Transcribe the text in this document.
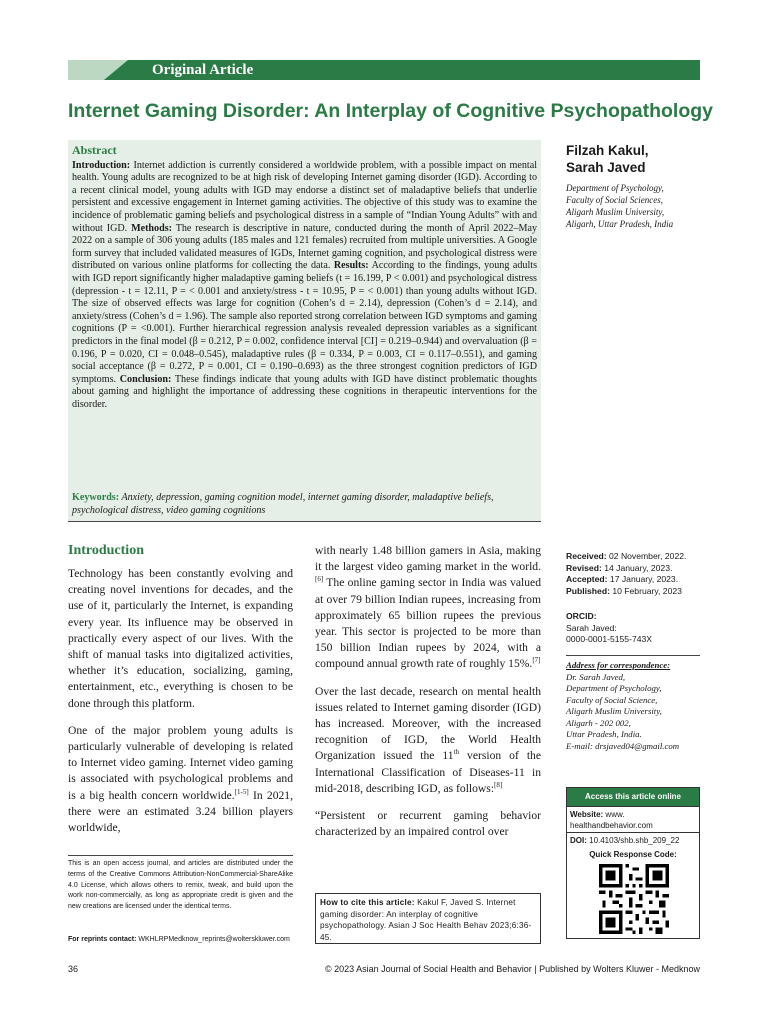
Original Article
Internet Gaming Disorder: An Interplay of Cognitive Psychopathology
Abstract
Introduction: Internet addiction is currently considered a worldwide problem, with a possible impact on mental health. Young adults are recognized to be at high risk of developing Internet gaming disorder (IGD). According to a recent clinical model, young adults with IGD may endorse a distinct set of maladaptive beliefs that underlie persistent and excessive engagement in Internet gaming activities. The objective of this study was to examine the incidence of problematic gaming beliefs and psychological distress in a sample of “Indian Young Adults” with and without IGD. Methods: The research is descriptive in nature, conducted during the month of April 2022–May 2022 on a sample of 306 young adults (185 males and 121 females) recruited from multiple universities. A Google form survey that included validated measures of IGDs, Internet gaming cognition, and psychological distress were distributed on various online platforms for collecting the data. Results: According to the findings, young adults with IGD report significantly higher maladaptive gaming beliefs (t = 16.199, P < 0.001) and psychological distress (depression - t = 12.11, P = < 0.001 and anxiety/stress - t = 10.95, P = < 0.001) than young adults without IGD. The size of observed effects was large for cognition (Cohen’s d = 2.14), depression (Cohen’s d = 2.14), and anxiety/stress (Cohen’s d = 1.96). The sample also reported strong correlation between IGD symptoms and gaming cognitions (P = <0.001). Further hierarchical regression analysis revealed depression variables as a significant predictors in the final model (β = 0.212, P = 0.002, confidence interval [CI] = 0.219–0.944) and overvaluation (β = 0.196, P = 0.020, CI = 0.048–0.545), maladaptive rules (β = 0.334, P = 0.003, CI = 0.117–0.551), and gaming social acceptance (β = 0.272, P = 0.001, CI = 0.190–0.693) as the three strongest cognition predictors of IGD symptoms. Conclusion: These findings indicate that young adults with IGD have distinct problematic thoughts about gaming and highlight the importance of addressing these cognitions in therapeutic interventions for the disorder.
Keywords: Anxiety, depression, gaming cognition model, internet gaming disorder, maladaptive beliefs, psychological distress, video gaming cognitions
Filzah Kakul,
Sarah Javed
Department of Psychology,
Faculty of Social Sciences,
Aligarh Muslim University,
Aligarh, Uttar Pradesh, India
Introduction

Technology has been constantly evolving and creating novel inventions for decades, and the use of it, particularly the Internet, is expanding every year. Its influence may be observed in practically every aspect of our lives. With the shift of manual tasks into digitalized activities, whether it’s education, socializing, gaming, entertainment, etc., everything is chosen to be done through this platform.

One of the major problem young adults is particularly vulnerable of developing is related to Internet video gaming. Internet video gaming is associated with psychological problems and is a big health concern worldwide.[1-5] In 2021, there were an estimated 3.24 billion players worldwide,

with nearly 1.48 billion gamers in Asia, making it the largest video gaming market in the world.[6] The online gaming sector in India was valued at over 79 billion Indian rupees, increasing from approximately 65 billion rupees the previous year. This sector is projected to be more than 150 billion Indian rupees by 2024, with a compound annual growth rate of roughly 15%.[7]

Over the last decade, research on mental health issues related to Internet gaming disorder (IGD) has increased. Moreover, with the increased recognition of IGD, the World Health Organization issued the 11th version of the International Classification of Diseases-11 in mid-2018, describing IGD, as follows:[8]

“Persistent or recurrent gaming behavior characterized by an impaired control over

This is an open access journal, and articles are distributed under the terms of the Creative Commons Attribution-NonCommercial-ShareAlike 4.0 License, which allows others to remix, tweak, and build upon the work non-commercially, as long as appropriate credit is given and the new creations are licensed under the identical terms.
For reprints contact: WKHLRPMedknow_reprints@wolterskluwer.com
How to cite this article: Kakul F, Javed S. Internet gaming disorder: An interplay of cognitive psychopathology. Asian J Soc Health Behav 2023;6:36-45.
Received: 02 November, 2022.
Revised: 14 January, 2023.
Accepted: 17 January, 2023.
Published: 10 February, 2023
ORCID:
Sarah Javed:
0000-0001-5155-743X
Address for correspondence:
Dr. Sarah Javed,
Department of Psychology,
Faculty of Social Science,
Aligarh Muslim University,
Aligarh - 202 002,
Uttar Pradesh, India.
E-mail: drsjaved04@gmail.com
Access this article online
Website: www. healthandbehavior.com
DOI: 10.4103/shb.shb_209_22
Quick Response Code:
36	© 2023 Asian Journal of Social Health and Behavior | Published by Wolters Kluwer - Medknow
